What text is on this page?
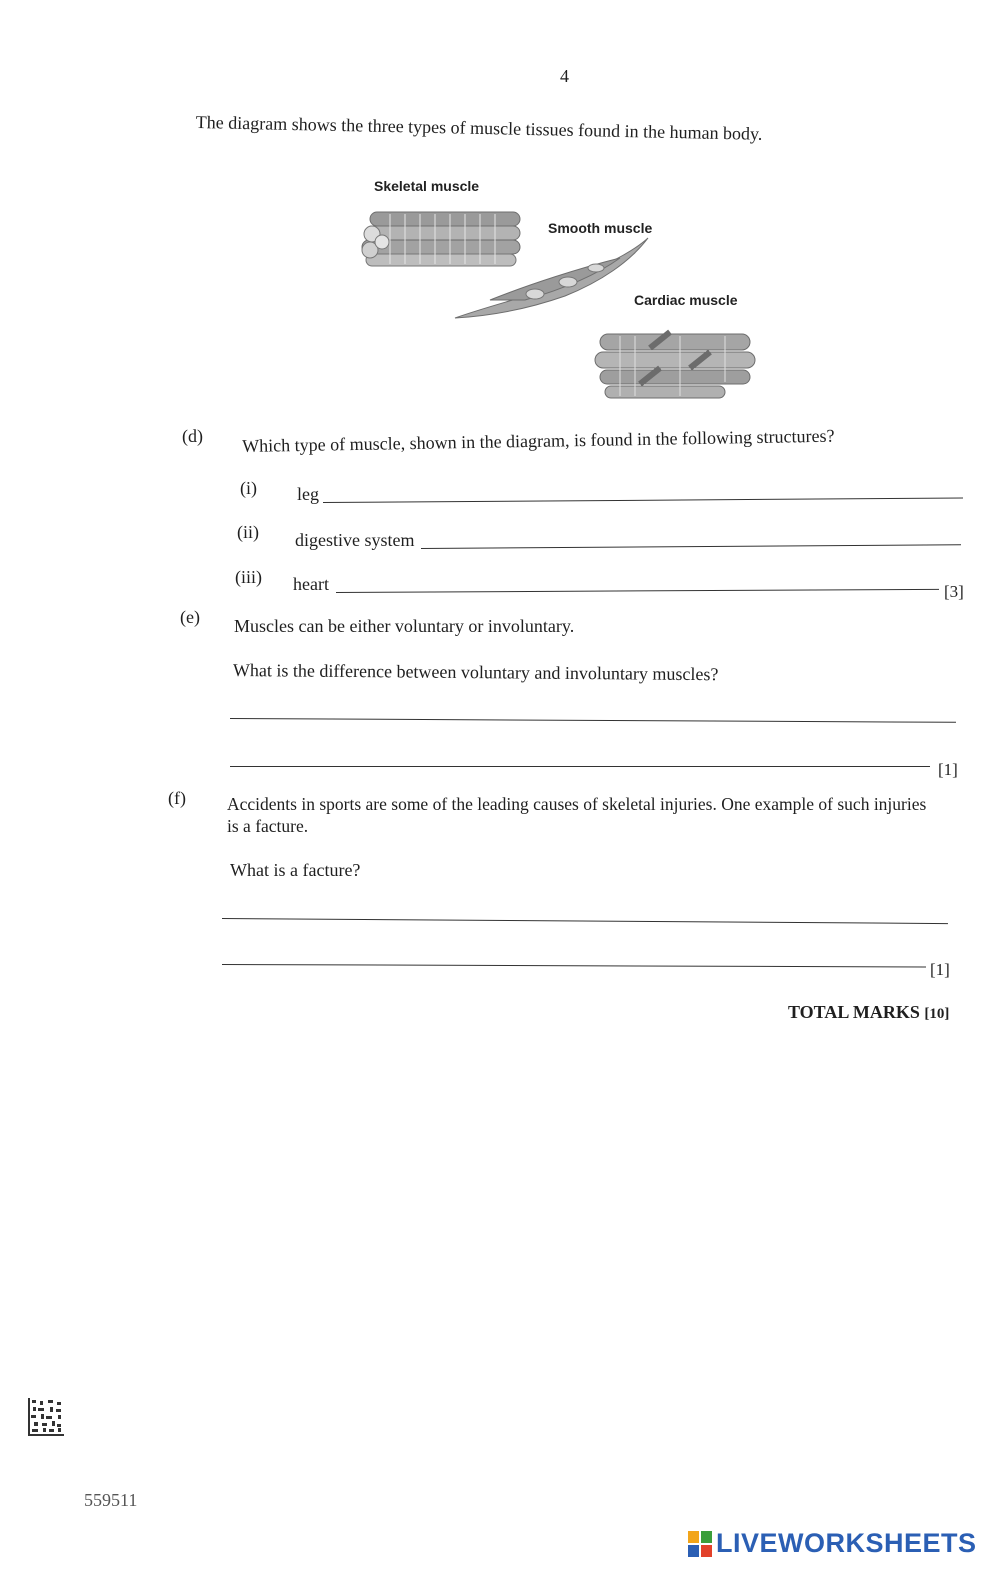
4
The diagram shows the three types of muscle tissues found in the human body.
Skeletal muscle
Smooth muscle
Cardiac muscle
(d) Which type of muscle, shown in the diagram, is found in the following structures?
(i) leg
(ii) digestive system
(iii) heart	[3]
(e) Muscles can be either voluntary or involuntary.
What is the difference between voluntary and involuntary muscles?
[1]
(f) Accidents in sports are some of the leading causes of skeletal injuries. One example of such injuries
is a facture.
What is a facture?
[1]
TOTAL MARKS [10]
559511
LIVEWORKSHEETS
